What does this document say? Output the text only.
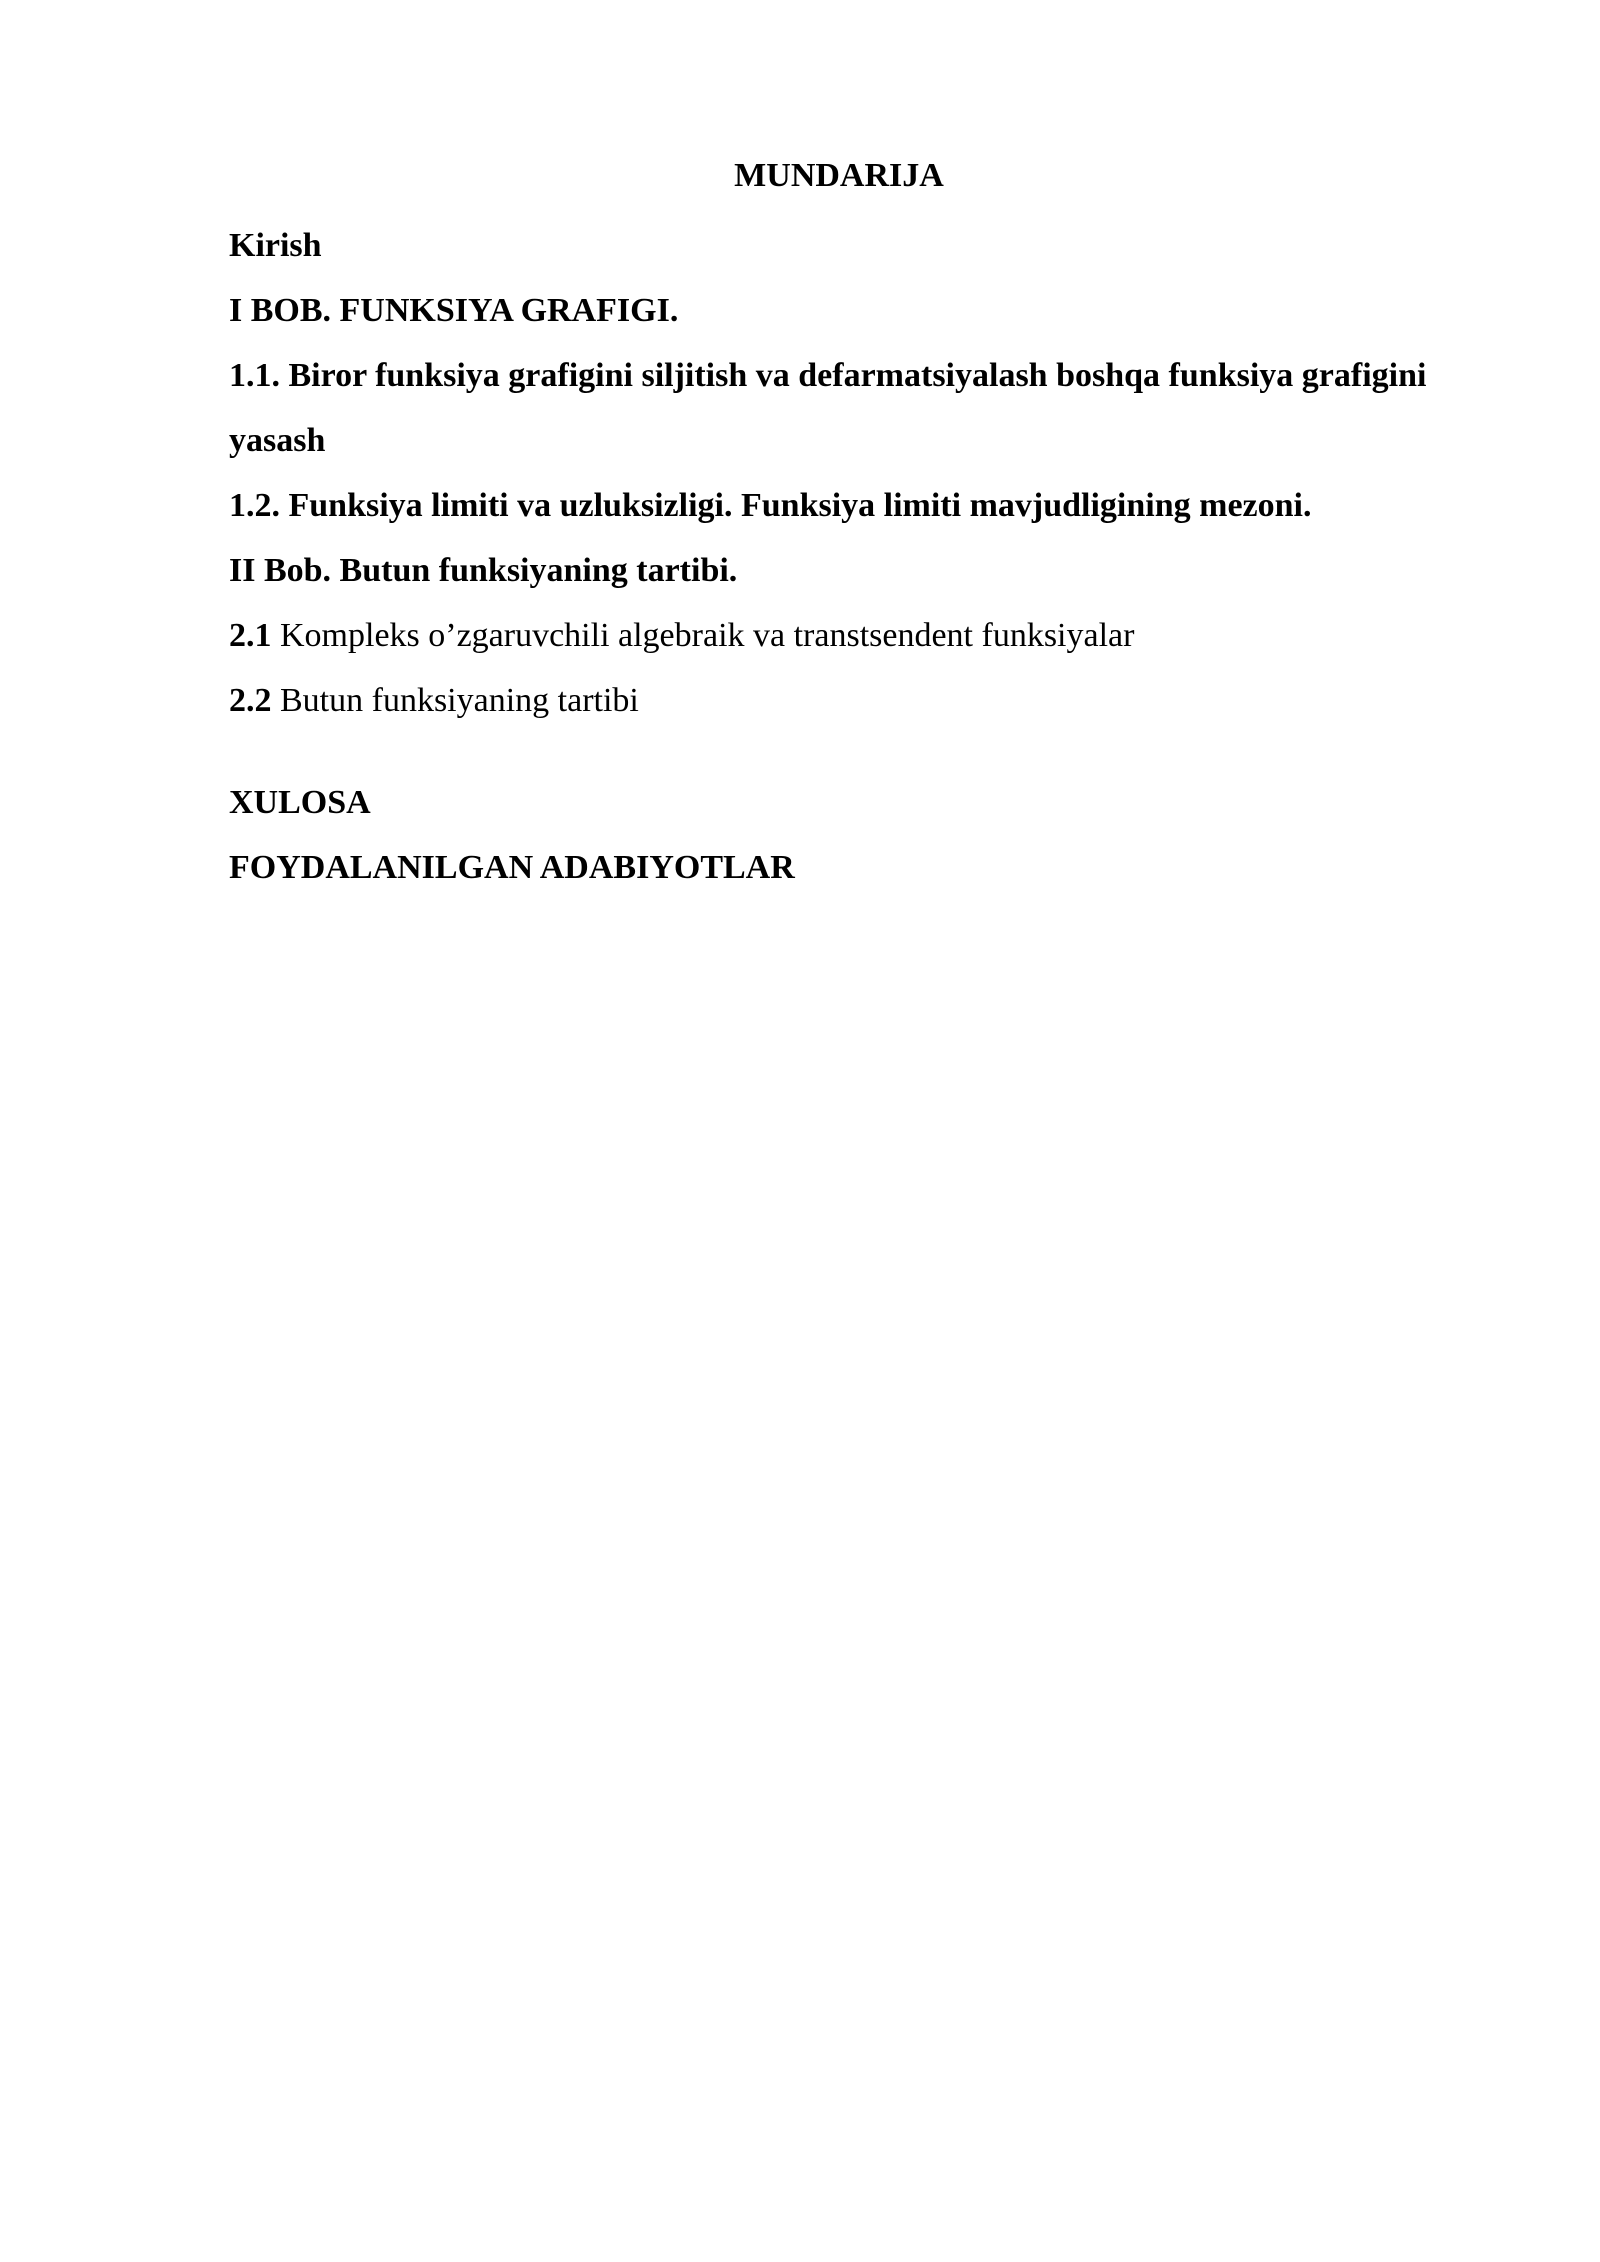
MUNDARIJA

Kirish

I BOB. FUNKSIYA GRAFIGI.

1.1. Biror funksiya grafigini siljitish va defarmatsiyalash boshqa funksiya grafigini yasash

1.2. Funksiya limiti va uzluksizligi. Funksiya limiti mavjudligining mezoni.

II Bob. Butun funksiyaning tartibi.

2.1 Kompleks o’zgaruvchili algebraik va transtsendent funksiyalar

2.2 Butun funksiyaning tartibi

XULOSA

FOYDALANILGAN ADABIYOTLAR
